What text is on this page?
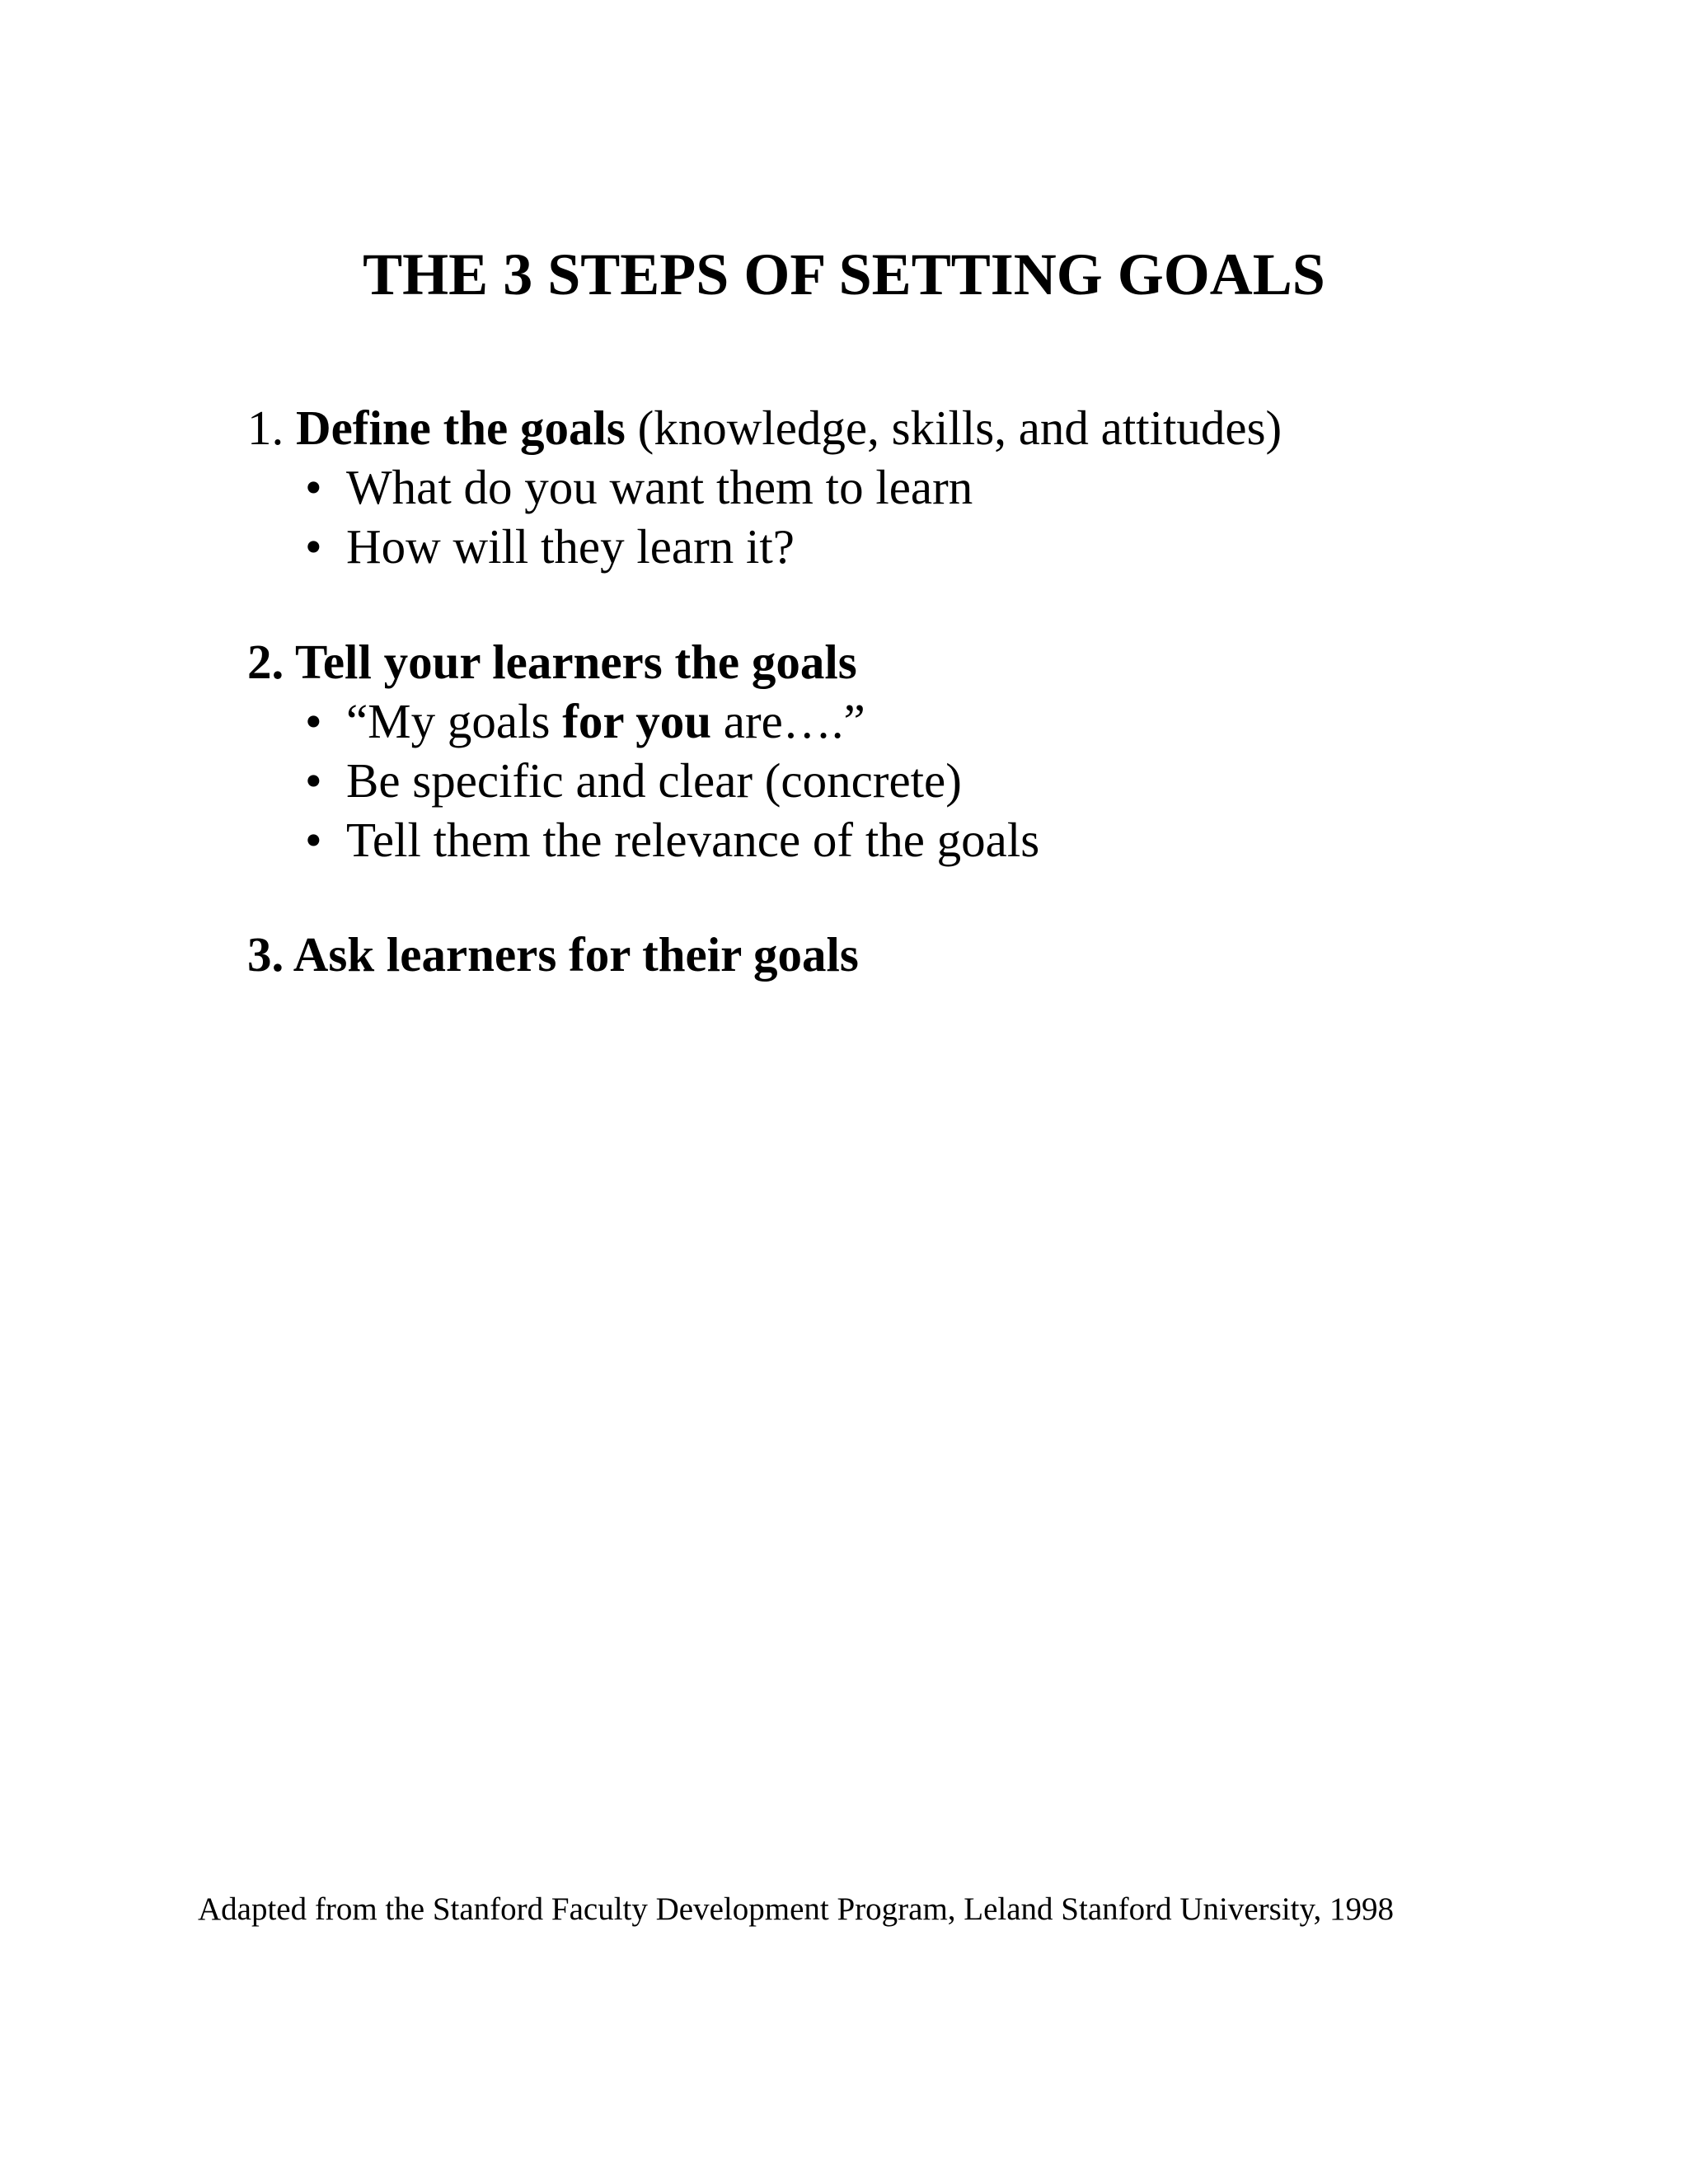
THE 3 STEPS OF SETTING GOALS
1. Define the goals (knowledge, skills, and attitudes)
• What do you want them to learn
• How will they learn it?
2. Tell your learners the goals
• “My goals for you are….”
• Be specific and clear (concrete)
• Tell them the relevance of the goals
3. Ask learners for their goals
Adapted from the Stanford Faculty Development Program, Leland Stanford University, 1998
